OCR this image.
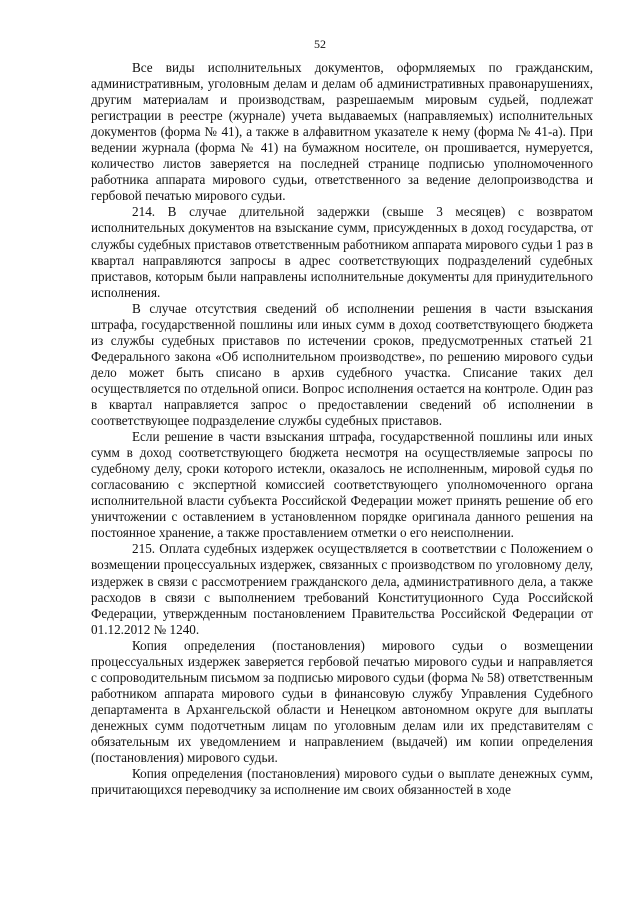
52

Все виды исполнительных документов, оформляемых по гражданским, административным, уголовным делам и делам об административных правонарушениях, другим материалам и производствам, разрешаемым мировым судьей, подлежат регистрации в реестре (журнале) учета выдаваемых (направляемых) исполнительных документов (форма № 41), а также в алфавитном указателе к нему (форма № 41-а). При ведении журнала (форма № 41) на бумажном носителе, он прошивается, нумеруется, количество листов заверяется на последней странице подписью уполномоченного работника аппарата мирового судьи, ответственного за ведение делопроизводства и гербовой печатью мирового судьи.

214. В случае длительной задержки (свыше 3 месяцев) с возвратом исполнительных документов на взыскание сумм, присужденных в доход государства, от службы судебных приставов ответственным работником аппарата мирового судьи 1 раз в квартал направляются запросы в адрес соответствующих подразделений судебных приставов, которым были направлены исполнительные документы для принудительного исполнения.

В случае отсутствия сведений об исполнении решения в части взыскания штрафа, государственной пошлины или иных сумм в доход соответствующего бюджета из службы судебных приставов по истечении сроков, предусмотренных статьей 21 Федерального закона «Об исполнительном производстве», по решению мирового судьи дело может быть списано в архив судебного участка. Списание таких дел осуществляется по отдельной описи. Вопрос исполнения остается на контроле. Один раз в квартал направляется запрос о предоставлении сведений об исполнении в соответствующее подразделение службы судебных приставов.

Если решение в части взыскания штрафа, государственной пошлины или иных сумм в доход соответствующего бюджета несмотря на осуществляемые запросы по судебному делу, сроки которого истекли, оказалось не исполненным, мировой судья по согласованию с экспертной комиссией соответствующего уполномоченного органа исполнительной власти субъекта Российской Федерации может принять решение об его уничтожении с оставлением в установленном порядке оригинала данного решения на постоянное хранение, а также проставлением отметки о его неисполнении.

215. Оплата судебных издержек осуществляется в соответствии с Положением о возмещении процессуальных издержек, связанных с производством по уголовному делу, издержек в связи с рассмотрением гражданского дела, административного дела, а также расходов в связи с выполнением требований Конституционного Суда Российской Федерации, утвержденным постановлением Правительства Российской Федерации от 01.12.2012 № 1240.

Копия определения (постановления) мирового судьи о возмещении процессуальных издержек заверяется гербовой печатью мирового судьи и направляется с сопроводительным письмом за подписью мирового судьи (форма № 58) ответственным работником аппарата мирового судьи в финансовую службу Управления Судебного департамента в Архангельской области и Ненецком автономном округе для выплаты денежных сумм подотчетным лицам по уголовным делам или их представителям с обязательным их уведомлением и направлением (выдачей) им копии определения (постановления) мирового судьи.

Копия определения (постановления) мирового судьи о выплате денежных сумм, причитающихся переводчику за исполнение им своих обязанностей в ходе
